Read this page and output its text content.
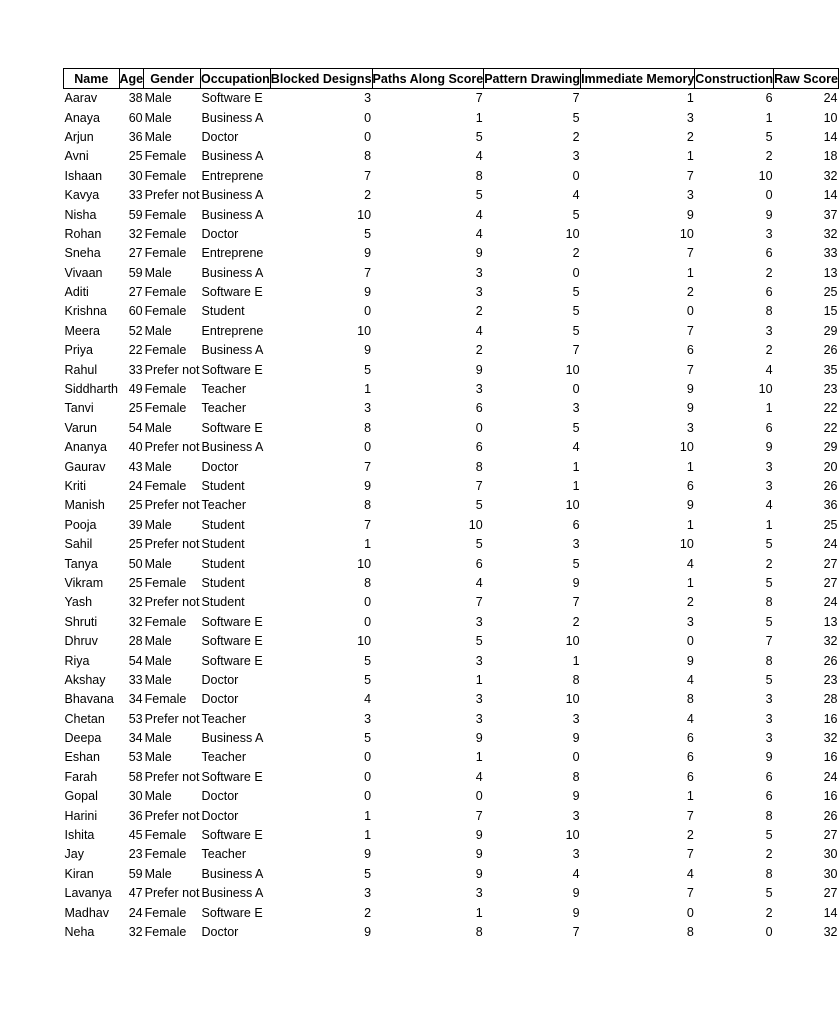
Name	Age	Gender	Occupation	Blocked Designs	Paths Along Score	Pattern Drawing	Immediate Memory	Construction	Raw Score
Aarav	38	Male	Software E	3	7	7	1	6	24
Anaya	60	Male	Business A	0	1	5	3	1	10
Arjun	36	Male	Doctor	0	5	2	2	5	14
Avni	25	Female	Business A	8	4	3	1	2	18
Ishaan	30	Female	Entreprene	7	8	0	7	10	32
Kavya	33	Prefer not	Business A	2	5	4	3	0	14
Nisha	59	Female	Business A	10	4	5	9	9	37
Rohan	32	Female	Doctor	5	4	10	10	3	32
Sneha	27	Female	Entreprene	9	9	2	7	6	33
Vivaan	59	Male	Business A	7	3	0	1	2	13
Aditi	27	Female	Software E	9	3	5	2	6	25
Krishna	60	Female	Student	0	2	5	0	8	15
Meera	52	Male	Entreprene	10	4	5	7	3	29
Priya	22	Female	Business A	9	2	7	6	2	26
Rahul	33	Prefer not	Software E	5	9	10	7	4	35
Siddharth	49	Female	Teacher	1	3	0	9	10	23
Tanvi	25	Female	Teacher	3	6	3	9	1	22
Varun	54	Male	Software E	8	0	5	3	6	22
Ananya	40	Prefer not	Business A	0	6	4	10	9	29
Gaurav	43	Male	Doctor	7	8	1	1	3	20
Kriti	24	Female	Student	9	7	1	6	3	26
Manish	25	Prefer not	Teacher	8	5	10	9	4	36
Pooja	39	Male	Student	7	10	6	1	1	25
Sahil	25	Prefer not	Student	1	5	3	10	5	24
Tanya	50	Male	Student	10	6	5	4	2	27
Vikram	25	Female	Student	8	4	9	1	5	27
Yash	32	Prefer not	Student	0	7	7	2	8	24
Shruti	32	Female	Software E	0	3	2	3	5	13
Dhruv	28	Male	Software E	10	5	10	0	7	32
Riya	54	Male	Software E	5	3	1	9	8	26
Akshay	33	Male	Doctor	5	1	8	4	5	23
Bhavana	34	Female	Doctor	4	3	10	8	3	28
Chetan	53	Prefer not	Teacher	3	3	3	4	3	16
Deepa	34	Male	Business A	5	9	9	6	3	32
Eshan	53	Male	Teacher	0	1	0	6	9	16
Farah	58	Prefer not	Software E	0	4	8	6	6	24
Gopal	30	Male	Doctor	0	0	9	1	6	16
Harini	36	Prefer not	Doctor	1	7	3	7	8	26
Ishita	45	Female	Software E	1	9	10	2	5	27
Jay	23	Female	Teacher	9	9	3	7	2	30
Kiran	59	Male	Business A	5	9	4	4	8	30
Lavanya	47	Prefer not	Business A	3	3	9	7	5	27
Madhav	24	Female	Software E	2	1	9	0	2	14
Neha	32	Female	Doctor	9	8	7	8	0	32
